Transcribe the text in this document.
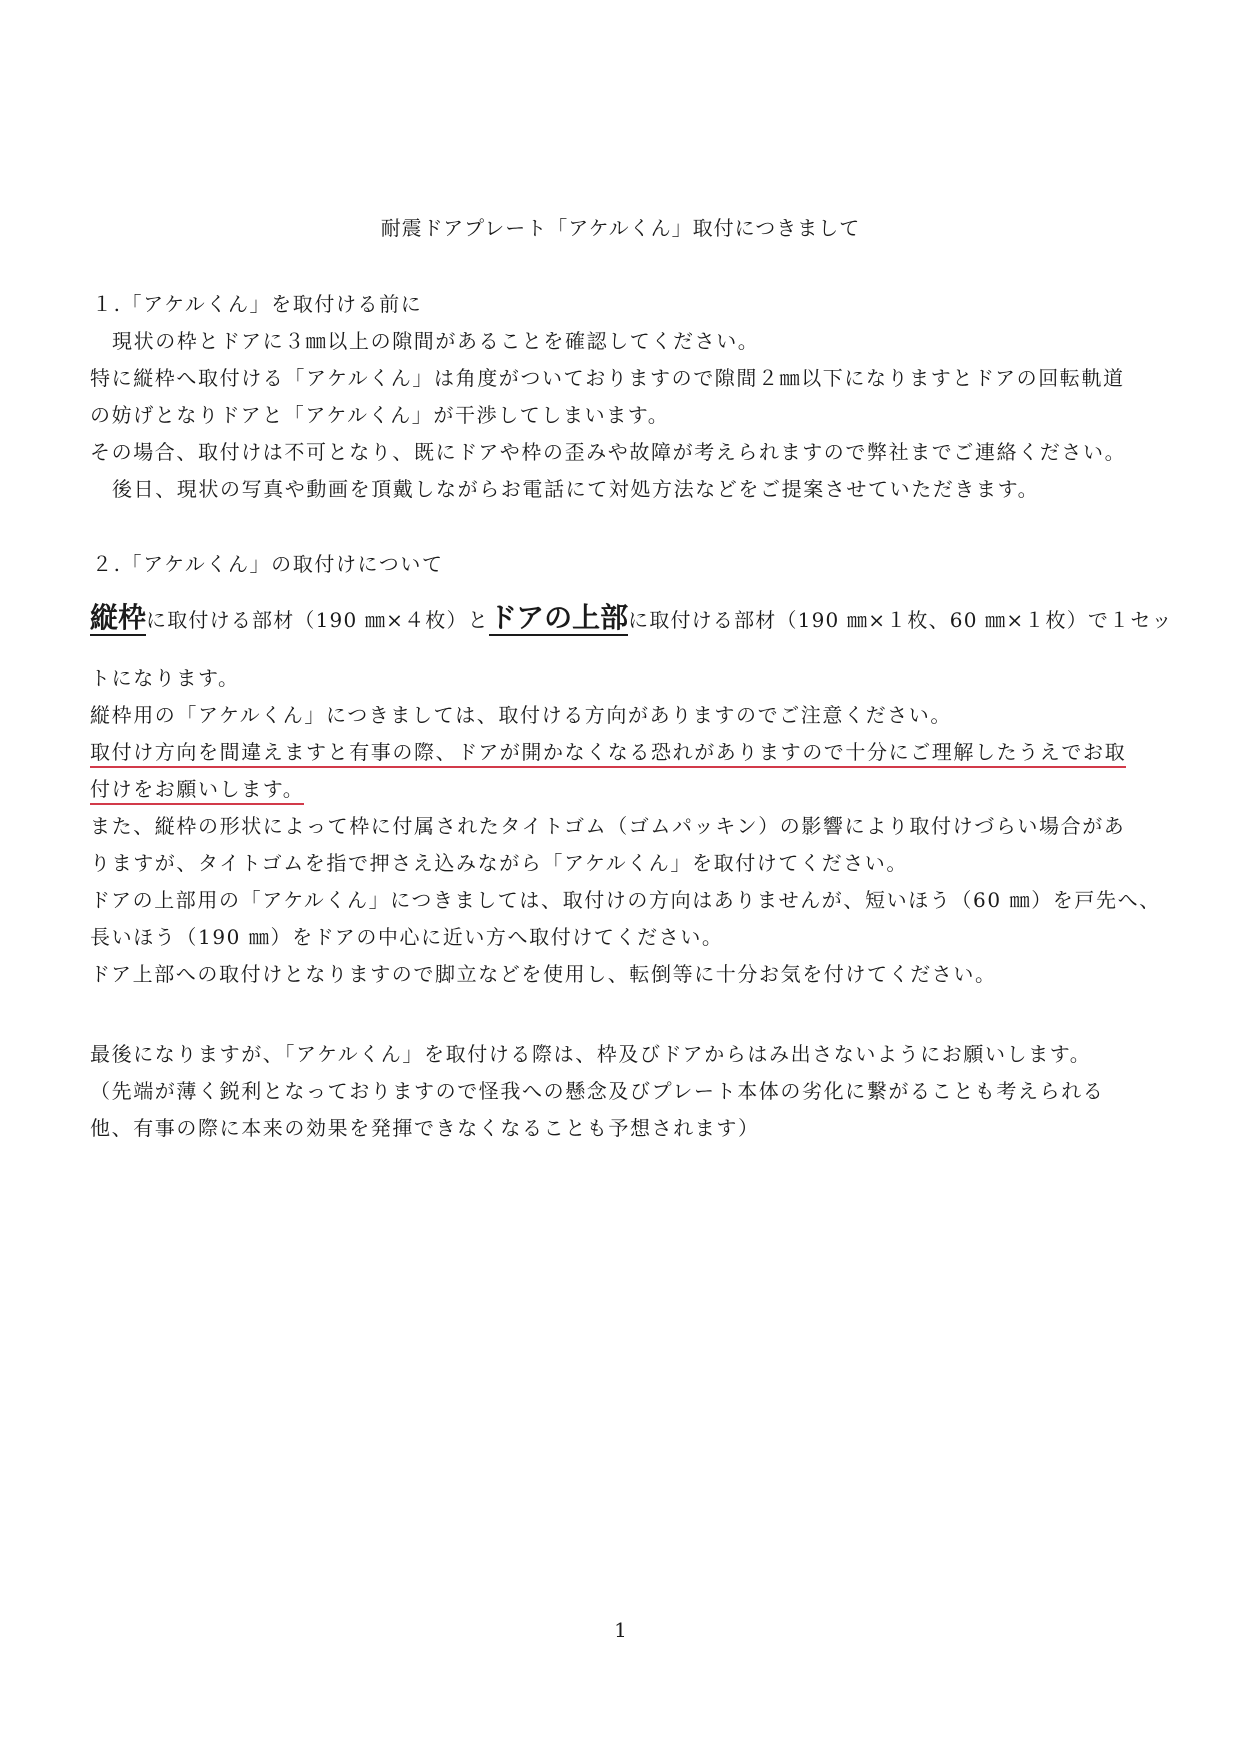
耐震ドアプレート「アケルくん」取付につきまして
１.「アケルくん」を取付ける前に
現状の枠とドアに３㎜以上の隙間があることを確認してください。
特に縦枠へ取付ける「アケルくん」は角度がついておりますので隙間２㎜以下になりますとドアの回転軌道
の妨げとなりドアと「アケルくん」が干渉してしまいます。
その場合、取付けは不可となり、既にドアや枠の歪みや故障が考えられますので弊社までご連絡ください。
後日、現状の写真や動画を頂戴しながらお電話にて対処方法などをご提案させていただきます。
２.「アケルくん」の取付けについて
縦枠に取付ける部材（190 ㎜×４枚）とドアの上部に取付ける部材（190 ㎜×１枚、60 ㎜×１枚）で１セッ
トになります。
縦枠用の「アケルくん」につきましては、取付ける方向がありますのでご注意ください。
取付け方向を間違えますと有事の際、ドアが開かなくなる恐れがありますので十分にご理解したうえでお取
付けをお願いします。
また、縦枠の形状によって枠に付属されたタイトゴム（ゴムパッキン）の影響により取付けづらい場合があ
りますが、タイトゴムを指で押さえ込みながら「アケルくん」を取付けてください。
ドアの上部用の「アケルくん」につきましては、取付けの方向はありませんが、短いほう（60 ㎜）を戸先へ、
長いほう（190 ㎜）をドアの中心に近い方へ取付けてください。
ドア上部への取付けとなりますので脚立などを使用し、転倒等に十分お気を付けてください。
最後になりますが、「アケルくん」を取付ける際は、枠及びドアからはみ出さないようにお願いします。
（先端が薄く鋭利となっておりますので怪我への懸念及びプレート本体の劣化に繋がることも考えられる
他、有事の際に本来の効果を発揮できなくなることも予想されます）
1
